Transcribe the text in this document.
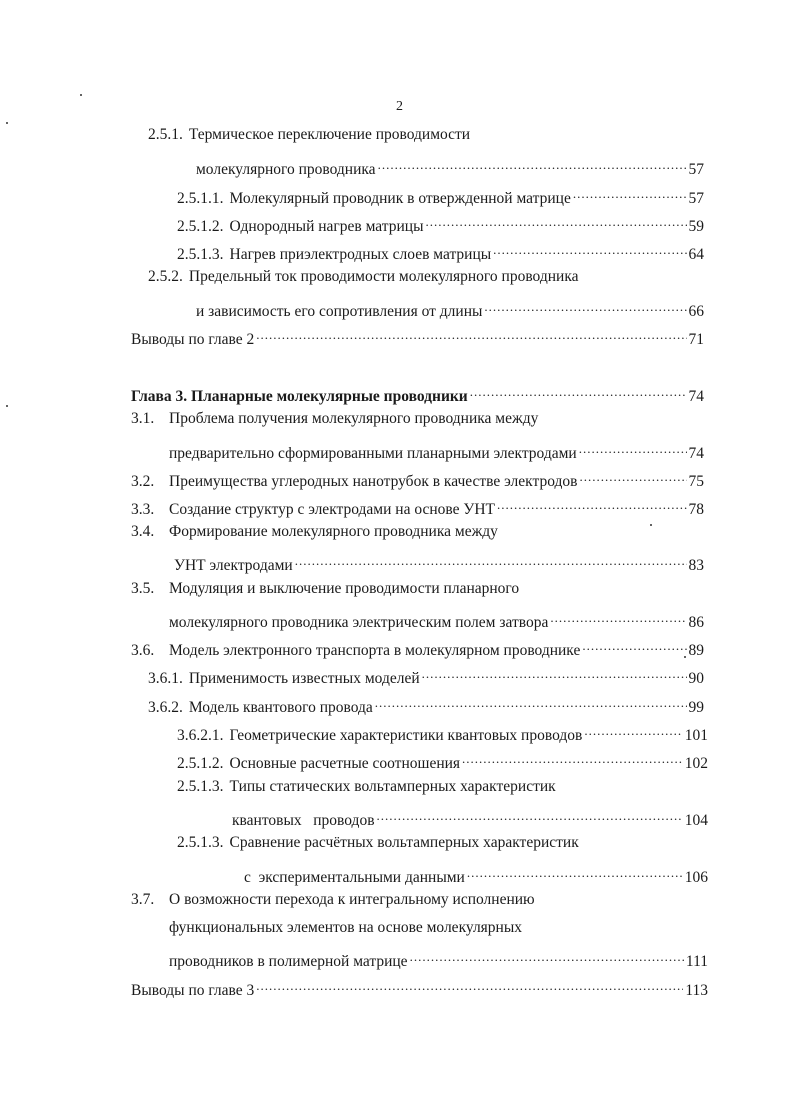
2
2.5.1. Термическое переключение проводимости
молекулярного проводника .....	57
2.5.1.1. Молекулярный проводник в отвержденной матрице .....	57
2.5.1.2. Однородный нагрев матрицы .....	59
2.5.1.3. Нагрев приэлектродных слоев матрицы .....	64
2.5.2. Предельный ток проводимости молекулярного проводника
и зависимость его сопротивления от длины .....	66
Выводы по главе 2 .....	71
Глава 3. Планарные молекулярные проводники .....	74
3.1. Проблема получения молекулярного проводника между
предварительно сформированными планарными электродами .....	74
3.2. Преимущества углеродных нанотрубок в качестве электродов .....	75
3.3. Создание структур с электродами на основе УНТ .....	78
3.4. Формирование молекулярного проводника между
УНТ электродами .....	83
3.5. Модуляция и выключение проводимости планарного
молекулярного проводника электрическим полем затвора .....	86
3.6. Модель электронного транспорта в молекулярном проводнике .....	89
3.6.1. Применимость известных моделей .....	90
3.6.2. Модель квантового провода .....	99
3.6.2.1. Геометрические характеристики квантовых проводов .....	101
2.5.1.2. Основные расчетные соотношения .....	102
2.5.1.3. Типы статических вольтамперных характеристик
квантовых   проводов .....	104
2.5.1.3. Сравнение расчётных вольтамперных характеристик
с  экспериментальными данными .....	106
3.7. О возможности перехода к интегральному исполнению
функциональных элементов на основе молекулярных
проводников в полимерной матрице .....	111
Выводы по главе 3 .....	113
